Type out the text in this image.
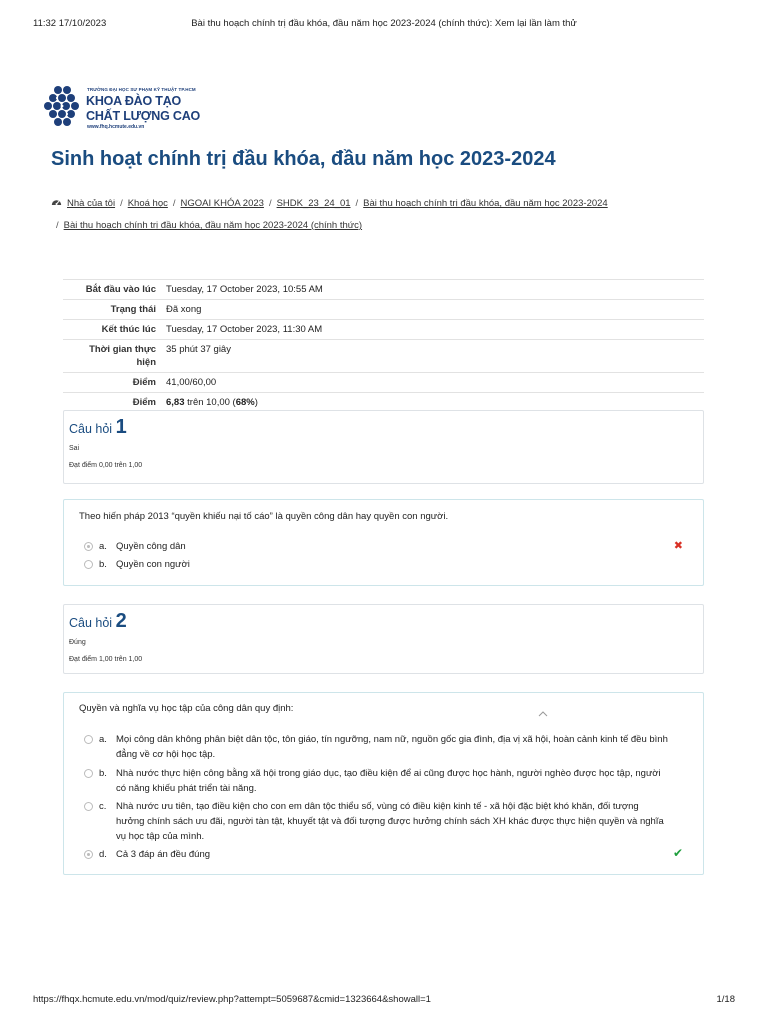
11:32 17/10/2023	Bài thu hoạch chính trị đầu khóa, đầu năm học 2023-2024 (chính thức): Xem lại lần làm thử
TRƯỜNG ĐẠI HỌC SƯ PHẠM KỸ THUẬT TP.HCM
KHOA ĐÀO TẠO
CHẤT LƯỢNG CAO
www.fhq.hcmute.edu.vn
Sinh hoạt chính trị đầu khóa, đầu năm học 2023-2024
Nhà của tôi / Khoá học / NGOAI KHÓA 2023 / SHDK_23_24_01 / Bài thu hoạch chính trị đầu khóa, đầu năm học 2023-2024
/ Bài thu hoạch chính trị đầu khóa, đầu năm học 2023-2024 (chính thức)
Bắt đầu vào lúc	Tuesday, 17 October 2023, 10:55 AM
Trạng thái	Đã xong
Kết thúc lúc	Tuesday, 17 October 2023, 11:30 AM
Thời gian thực
hiện	35 phút 37 giây
Điểm	41,00/60,00
Điểm	6,83 trên 10,00 (68%)
Câu hỏi 1
Sai
Đạt điểm 0,00 trên 1,00
Theo hiến pháp 2013 “quyền khiếu nại tố cáo” là quyền công dân hay quyền con người.
a. Quyền công dân	✖
b. Quyền con người
Câu hỏi 2
Đúng
Đạt điểm 1,00 trên 1,00
Quyền và nghĩa vụ học tập của công dân quy định:
a. Mọi công dân không phân biệt dân tộc, tôn giáo, tín ngưỡng, nam nữ, nguồn gốc gia đình, địa vị xã hội, hoàn cảnh kinh tế đều bình đẳng về cơ hội học tập.
b. Nhà nước thực hiện công bằng xã hội trong giáo dục, tạo điều kiện để ai cũng được học hành, người nghèo được học tập, người có năng khiếu phát triển tài năng.
c. Nhà nước ưu tiên, tạo điều kiện cho con em dân tộc thiểu số, vùng có điều kiện kinh tế - xã hội đặc biệt khó khăn, đối tượng hưởng chính sách ưu đãi, người tàn tật, khuyết tật và đối tượng được hưởng chính sách XH khác được thực hiện quyền và nghĩa vụ học tập của mình.
d. Cả 3 đáp án đều đúng	✔
https://fhqx.hcmute.edu.vn/mod/quiz/review.php?attempt=5059687&cmid=1323664&showall=1	1/18
